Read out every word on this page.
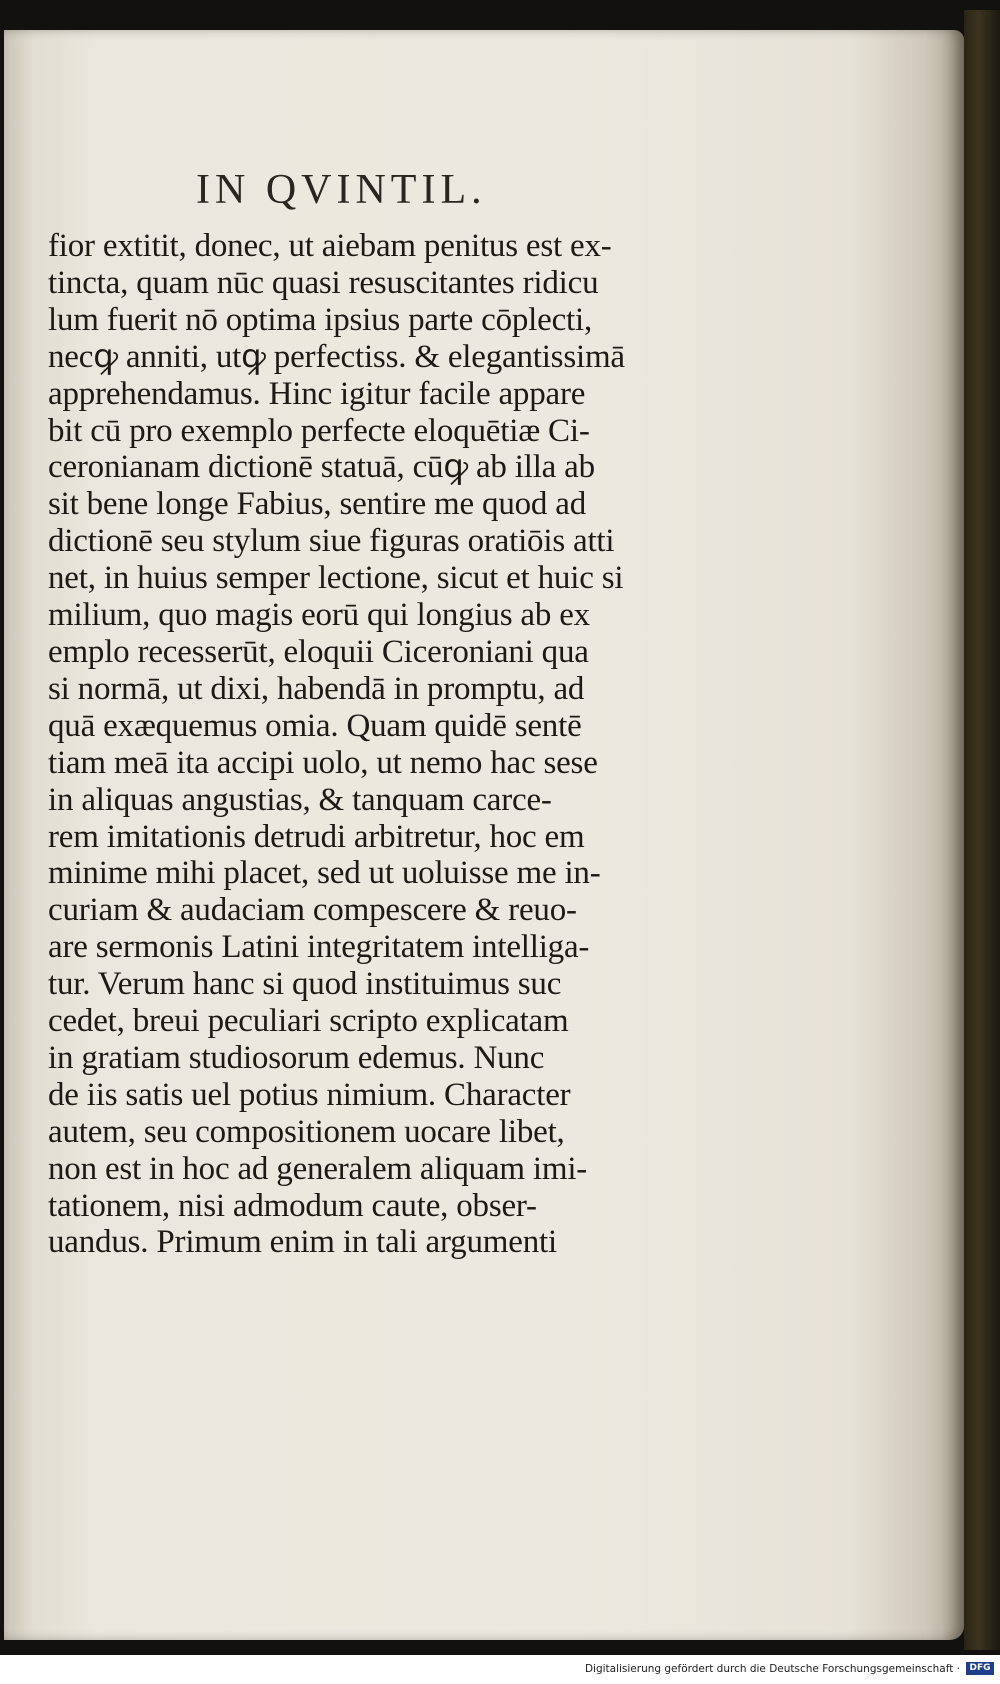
IN QVINTIL.
fior extitit, donec, ut aiebam penitus est ex-
tincta, quam nūc quasi resuscitantes ridicu
lum fuerit nō optima ipsius parte cōplecti,
necꝙ anniti, utꝙ perfectiss. & elegantissimā
apprehendamus. Hinc igitur facile appare
bit cū pro exemplo perfecte eloquētiæ Ci-
ceronianam dictionē statuā, cūꝙ ab illa ab
sit bene longe Fabius, sentire me quod ad
dictionē seu stylum siue figuras oratiōis atti
net, in huius semper lectione, sicut et huic si
milium, quo magis eorū qui longius ab ex
emplo recesserūt, eloquii Ciceroniani qua
si normā, ut dixi, habendā in promptu, ad
quā exæquemus omia. Quam quidē sentē
tiam meā ita accipi uolo, ut nemo hac sese
in aliquas angustias, & tanquam carce-
rem imitationis detrudi arbitretur, hoc em
minime mihi placet, sed ut uoluisse me in-
curiam & audaciam compescere & reuo-
are sermonis Latini integritatem intelliga-
tur. Verum hanc si quod instituimus suc
cedet, breui peculiari scripto explicatam
in gratiam studiosorum edemus. Nunc
de iis satis uel potius nimium. Character
autem, seu compositionem uocare libet,
non est in hoc ad generalem aliquam imi-
tationem, nisi admodum caute, obser-
uandus. Primum enim in tali argumenti
Digitalisierung gefördert durch die Deutsche Forschungsgemeinschaft ·	DFG
